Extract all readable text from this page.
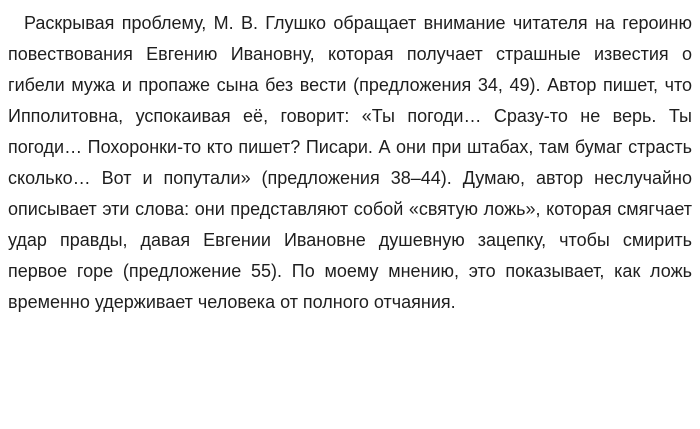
Раскрывая проблему, М. В. Глушко обращает внимание читателя на героиню повествования Евгению Ивановну, которая получает страшные известия о гибели мужа и пропаже сына без вести (предложения 34, 49). Автор пишет, что Ипполитовна, успокаивая её, говорит: «Ты погоди… Сразу-то не верь. Ты погоди… Похоронки-то кто пишет? Писари. А они при штабах, там бумаг страсть сколько… Вот и попутали» (предложения 38–44). Думаю, автор неслучайно описывает эти слова: они представляют собой «святую ложь», которая смягчает удар правды, давая Евгении Ивановне душевную зацепку, чтобы смирить первое горе (предложение 55). По моему мнению, это показывает, как ложь временно удерживает человека от полного отчаяния.
